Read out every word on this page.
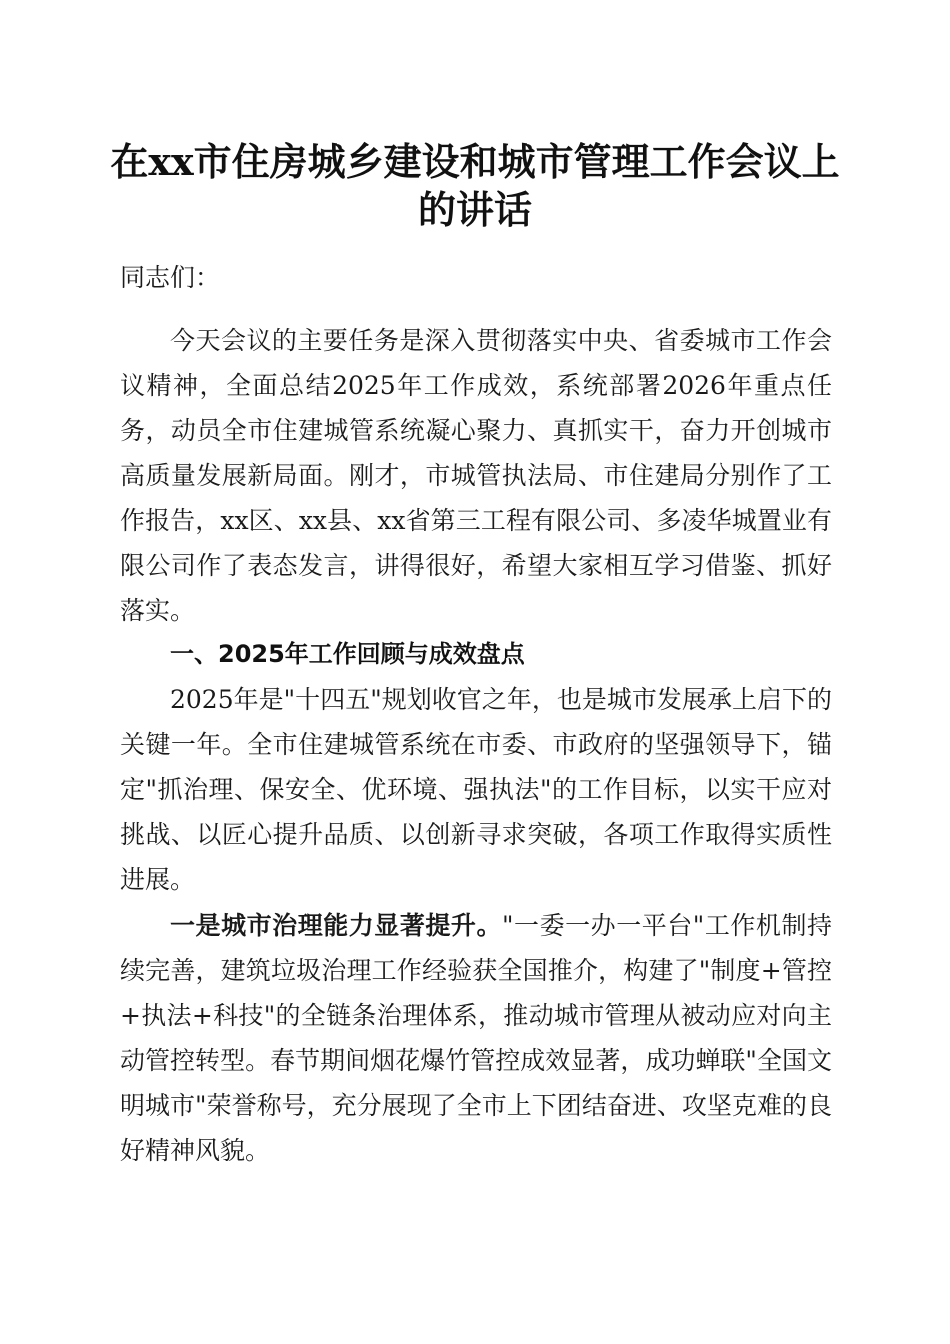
在xx市住房城乡建设和城市管理工作会议上
的讲话

同志们：

今天会议的主要任务是深入贯彻落实中央、省委城市工作会议精神，全面总结2025年工作成效，系统部署2026年重点任务，动员全市住建城管系统凝心聚力、真抓实干，奋力开创城市高质量发展新局面。刚才，市城管执法局、市住建局分别作了工作报告，xx区、xx县、xx省第三工程有限公司、多凌华城置业有限公司作了表态发言，讲得很好，希望大家相互学习借鉴、抓好落实。

一、2025年工作回顾与成效盘点

2025年是"十四五"规划收官之年，也是城市发展承上启下的关键一年。全市住建城管系统在市委、市政府的坚强领导下，锚定"抓治理、保安全、优环境、强执法"的工作目标，以实干应对挑战、以匠心提升品质、以创新寻求突破，各项工作取得实质性进展。

一是城市治理能力显著提升。"一委一办一平台"工作机制持续完善，建筑垃圾治理工作经验获全国推介，构建了"制度+管控+执法+科技"的全链条治理体系，推动城市管理从被动应对向主动管控转型。春节期间烟花爆竹管控成效显著，成功蝉联"全国文明城市"荣誉称号，充分展现了全市上下团结奋进、攻坚克难的良好精神风貌。
